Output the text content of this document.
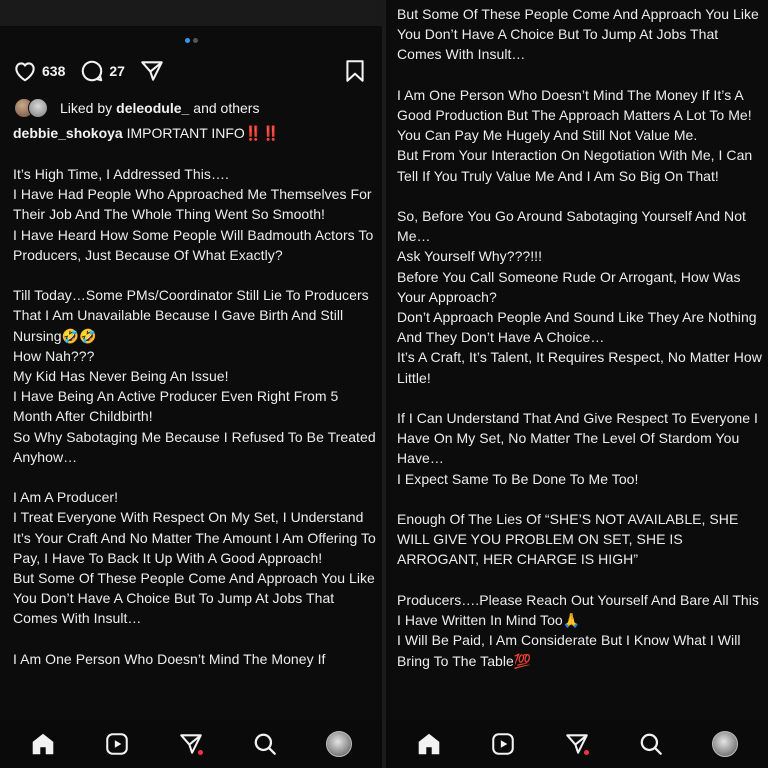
638	27
Liked by deleodule_ and others
debbie_shokoya IMPORTANT INFO‼️‼️
It’s High Time, I Addressed This….
I Have Had People Who Approached Me Themselves For Their Job And The Whole Thing Went So Smooth!
I Have Heard How Some People Will Badmouth Actors To Producers, Just Because Of What Exactly?

Till Today…Some PMs/Coordinator Still Lie To Producers That I Am Unavailable Because I Gave Birth And Still Nursing🤣🤣
How Nah???
My Kid Has Never Being An Issue!
I Have Being An Active Producer Even Right From 5 Month After Childbirth!
So Why Sabotaging Me Because I Refused To Be Treated Anyhow…

I Am A Producer!
I Treat Everyone With Respect On My Set, I Understand It’s Your Craft And No Matter The Amount I Am Offering To Pay, I Have To Back It Up With A Good Approach!
But Some Of These People Come And Approach You Like You Don’t Have A Choice But To Jump At Jobs That Comes With Insult…

I Am One Person Who Doesn’t Mind The Money If
But Some Of These People Come And Approach You Like You Don’t Have A Choice But To Jump At Jobs That Comes With Insult…

I Am One Person Who Doesn’t Mind The Money If It’s A Good Production But The Approach Matters A Lot To Me!
You Can Pay Me Hugely And Still Not Value Me.
But From Your Interaction On Negotiation With Me, I Can Tell If You Truly Value Me And I Am So Big On That!

So, Before You Go Around Sabotaging Yourself And Not Me…
Ask Yourself Why???!!!
Before You Call Someone Rude Or Arrogant, How Was Your Approach?
Don’t Approach People And Sound Like They Are Nothing And They Don’t Have A Choice…
It’s A Craft, It’s Talent, It Requires Respect, No Matter How Little!

If I Can Understand That And Give Respect To Everyone I Have On My Set, No Matter The Level Of Stardom You Have…
I Expect Same To Be Done To Me Too!

Enough Of The Lies Of “SHE’S NOT AVAILABLE, SHE WILL GIVE YOU PROBLEM ON SET, SHE IS ARROGANT, HER CHARGE IS HIGH”

Producers….Please Reach Out Yourself And Bare All This I Have Written In Mind Too🙏
I Will Be Paid, I Am Considerate But I Know What I Will Bring To The Table💯
